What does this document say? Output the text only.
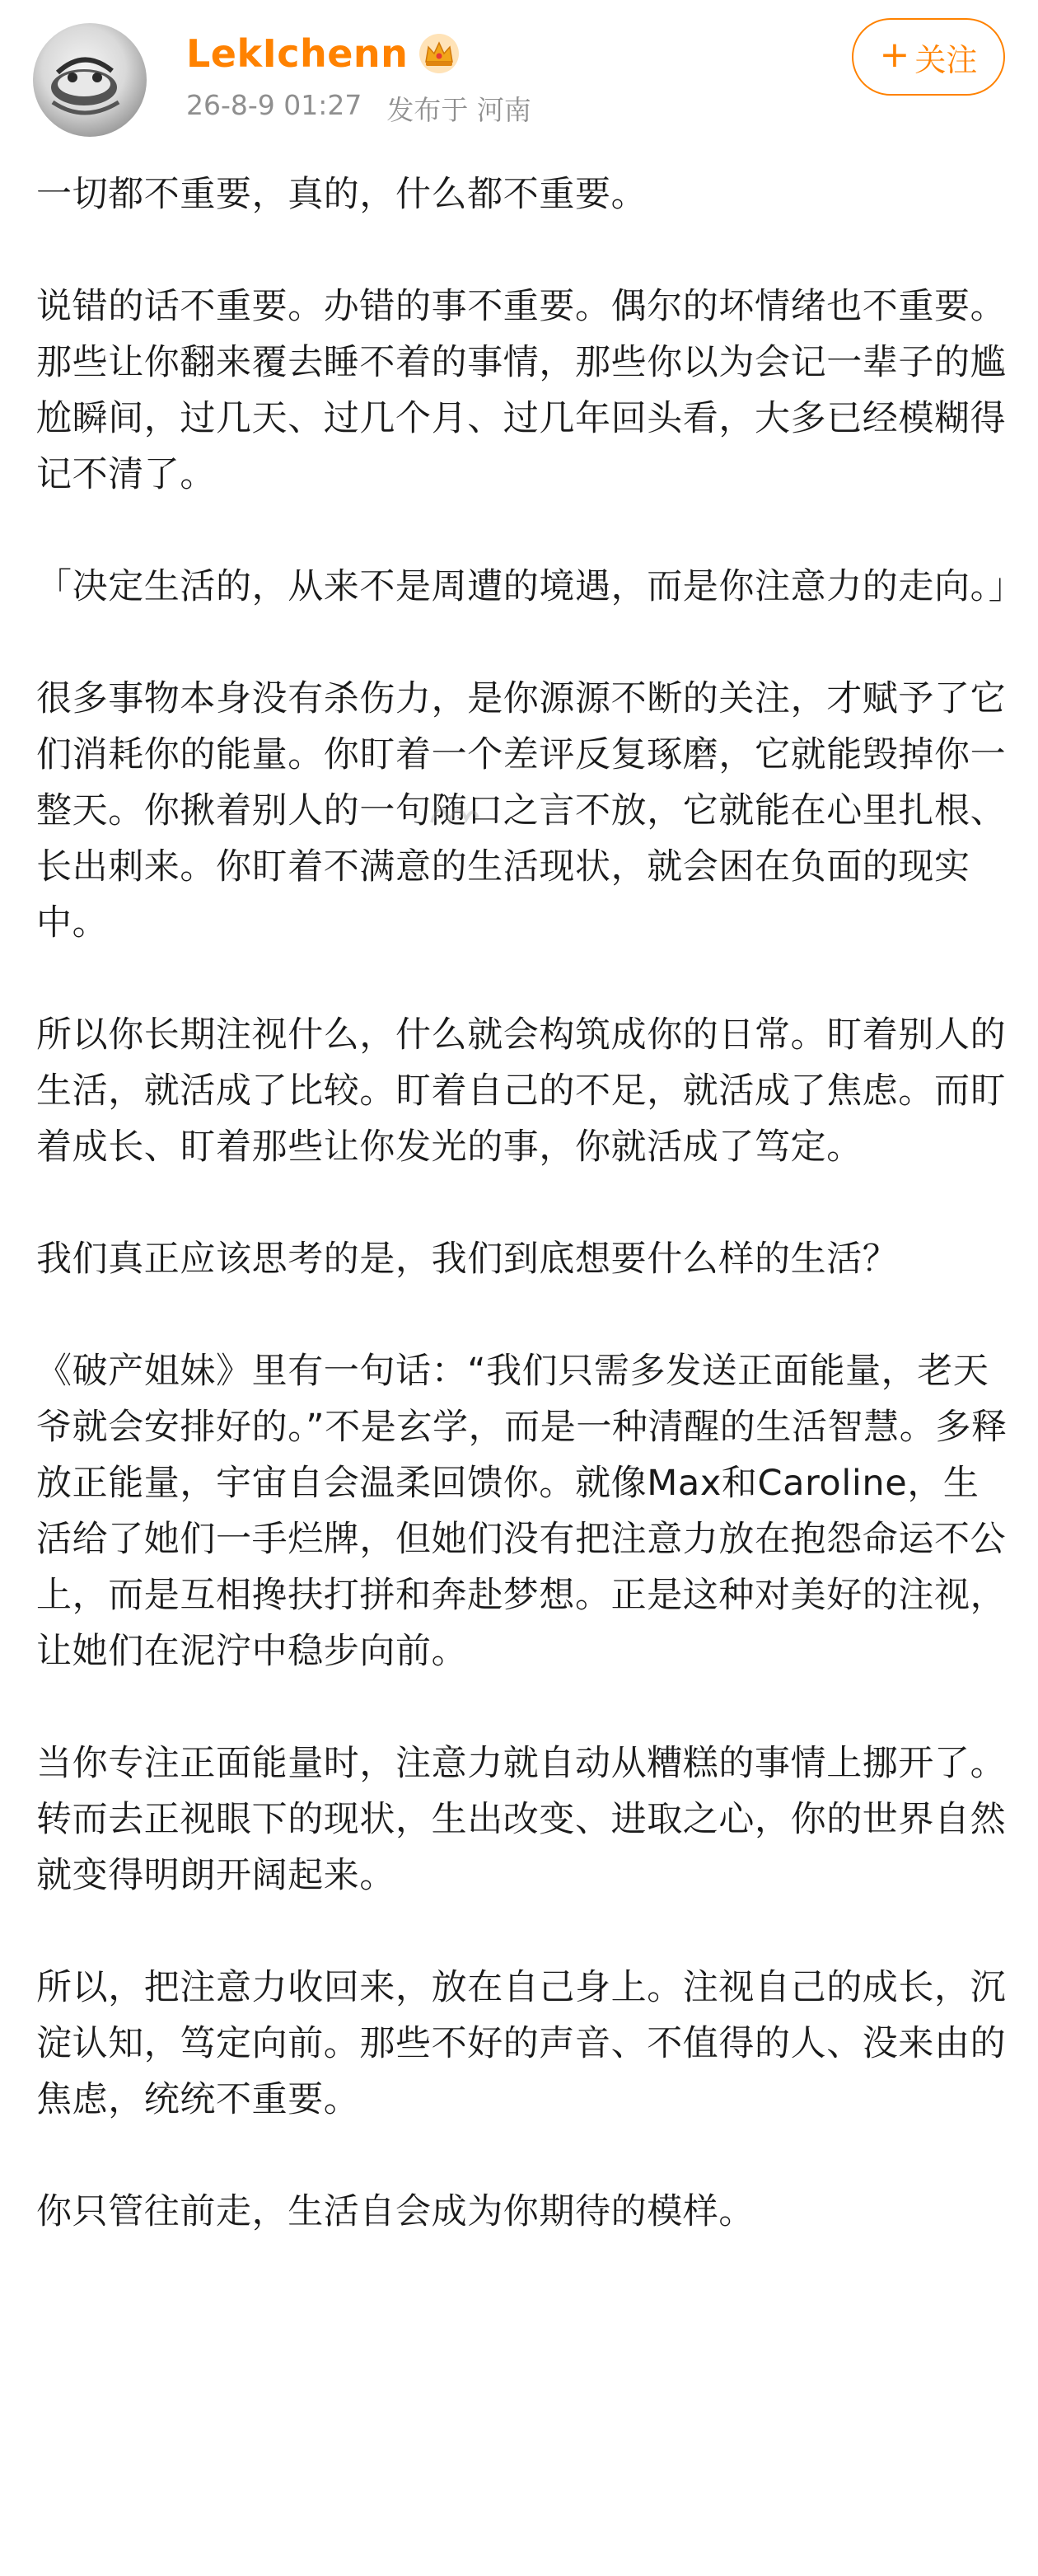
LekIchenn
26-8-9 01:27 发布于 河南
+ 关注

一切都不重要，真的，什么都不重要。

说错的话不重要。办错的事不重要。偶尔的坏情绪也不重要。那些让你翻来覆去睡不着的事情，那些你以为会记一辈子的尴尬瞬间，过几天、过几个月、过几年回头看，大多已经模糊得记不清了。

「决定生活的，从来不是周遭的境遇，而是你注意力的走向。」

很多事物本身没有杀伤力，是你源源不断的关注，才赋予了它们消耗你的能量。你盯着一个差评反复琢磨，它就能毁掉你一整天。你揪着别人的一句随口之言不放，它就能在心里扎根、长出刺来。你盯着不满意的生活现状，就会困在负面的现实中。

所以你长期注视什么，什么就会构筑成你的日常。盯着别人的生活，就活成了比较。盯着自己的不足，就活成了焦虑。而盯着成长、盯着那些让你发光的事，你就活成了笃定。

我们真正应该思考的是，我们到底想要什么样的生活？

《破产姐妹》里有一句话：“我们只需多发送正面能量，老天爷就会安排好的。”不是玄学，而是一种清醒的生活智慧。多释放正能量，宇宙自会温柔回馈你。就像Max和Caroline，生活给了她们一手烂牌，但她们没有把注意力放在抱怨命运不公上，而是互相搀扶打拼和奔赴梦想。正是这种对美好的注视，让她们在泥泞中稳步向前。

当你专注正面能量时，注意力就自动从糟糕的事情上挪开了。转而去正视眼下的现状，生出改变、进取之心，你的世界自然就变得明朗开阔起来。

所以，把注意力收回来，放在自己身上。注视自己的成长，沉淀认知，笃定向前。那些不好的声音、不值得的人、没来由的焦虑，统统不重要。

你只管往前走，生活自会成为你期待的模样。
